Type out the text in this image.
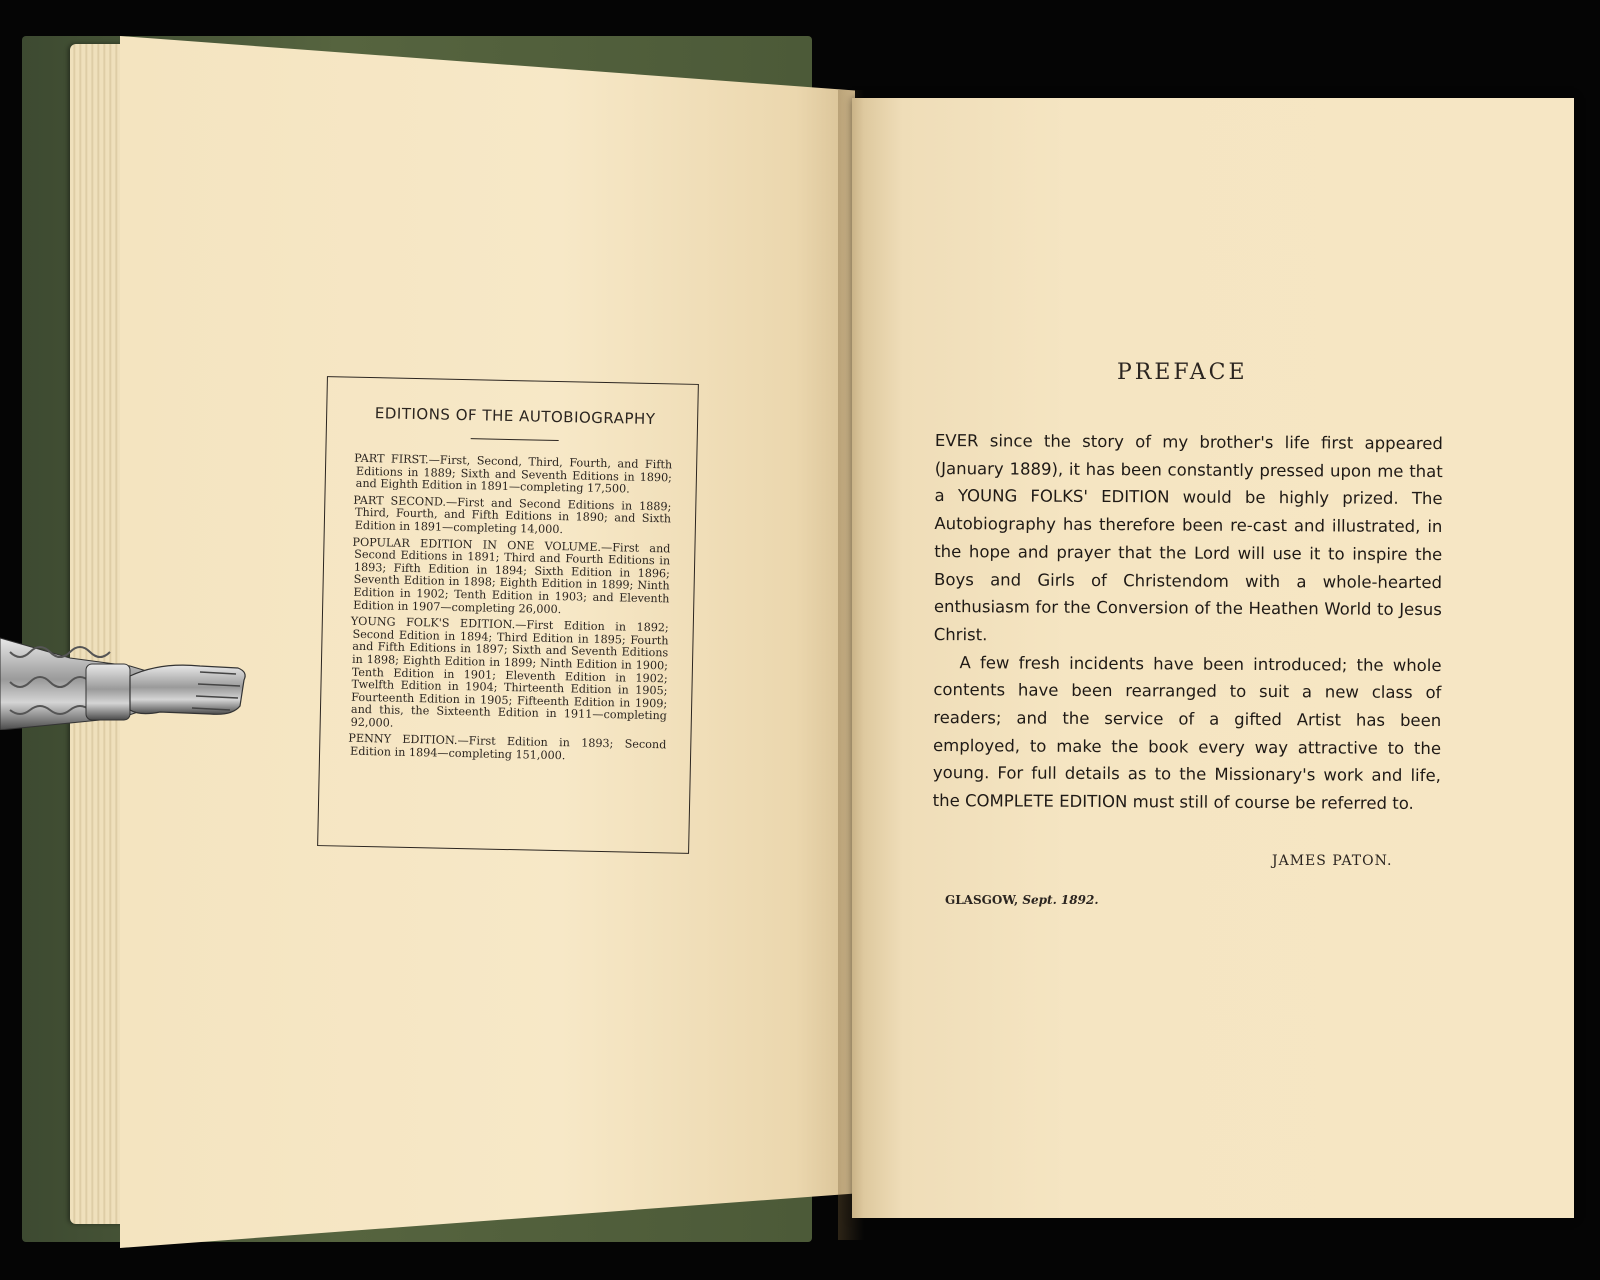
EDITIONS OF THE AUTOBIOGRAPHY

PART FIRST.—First, Second, Third, Fourth, and Fifth Editions in 1889; Sixth and Seventh Editions in 1890; and Eighth Edition in 1891—completing 17,500.

PART SECOND.—First and Second Editions in 1889; Third, Fourth, and Fifth Editions in 1890; and Sixth Edition in 1891—completing 14,000.

POPULAR EDITION IN ONE VOLUME.—First and Second Editions in 1891; Third and Fourth Editions in 1893; Fifth Edition in 1894; Sixth Edition in 1896; Seventh Edition in 1898; Eighth Edition in 1899; Ninth Edition in 1902; Tenth Edition in 1903; and Eleventh Edition in 1907—completing 26,000.

YOUNG FOLK'S EDITION.—First Edition in 1892; Second Edition in 1894; Third Edition in 1895; Fourth and Fifth Editions in 1897; Sixth and Seventh Editions in 1898; Eighth Edition in 1899; Ninth Edition in 1900; Tenth Edition in 1901; Eleventh Edition in 1902; Twelfth Edition in 1904; Thirteenth Edition in 1905; Fourteenth Edition in 1905; Fifteenth Edition in 1909; and this, the Sixteenth Edition in 1911—completing 92,000.

PENNY EDITION.—First Edition in 1893; Second Edition in 1894—completing 151,000.

PREFACE

EVER since the story of my brother's life first appeared (January 1889), it has been constantly pressed upon me that a YOUNG FOLKS' EDITION would be highly prized. The Autobiography has therefore been re-cast and illustrated, in the hope and prayer that the Lord will use it to inspire the Boys and Girls of Christendom with a whole-hearted enthusiasm for the Conversion of the Heathen World to Jesus Christ.

A few fresh incidents have been introduced; the whole contents have been rearranged to suit a new class of readers; and the service of a gifted Artist has been employed, to make the book every way attractive to the young. For full details as to the Missionary's work and life, the COMPLETE EDITION must still of course be referred to.

JAMES PATON.
GLASGOW, Sept. 1892.
